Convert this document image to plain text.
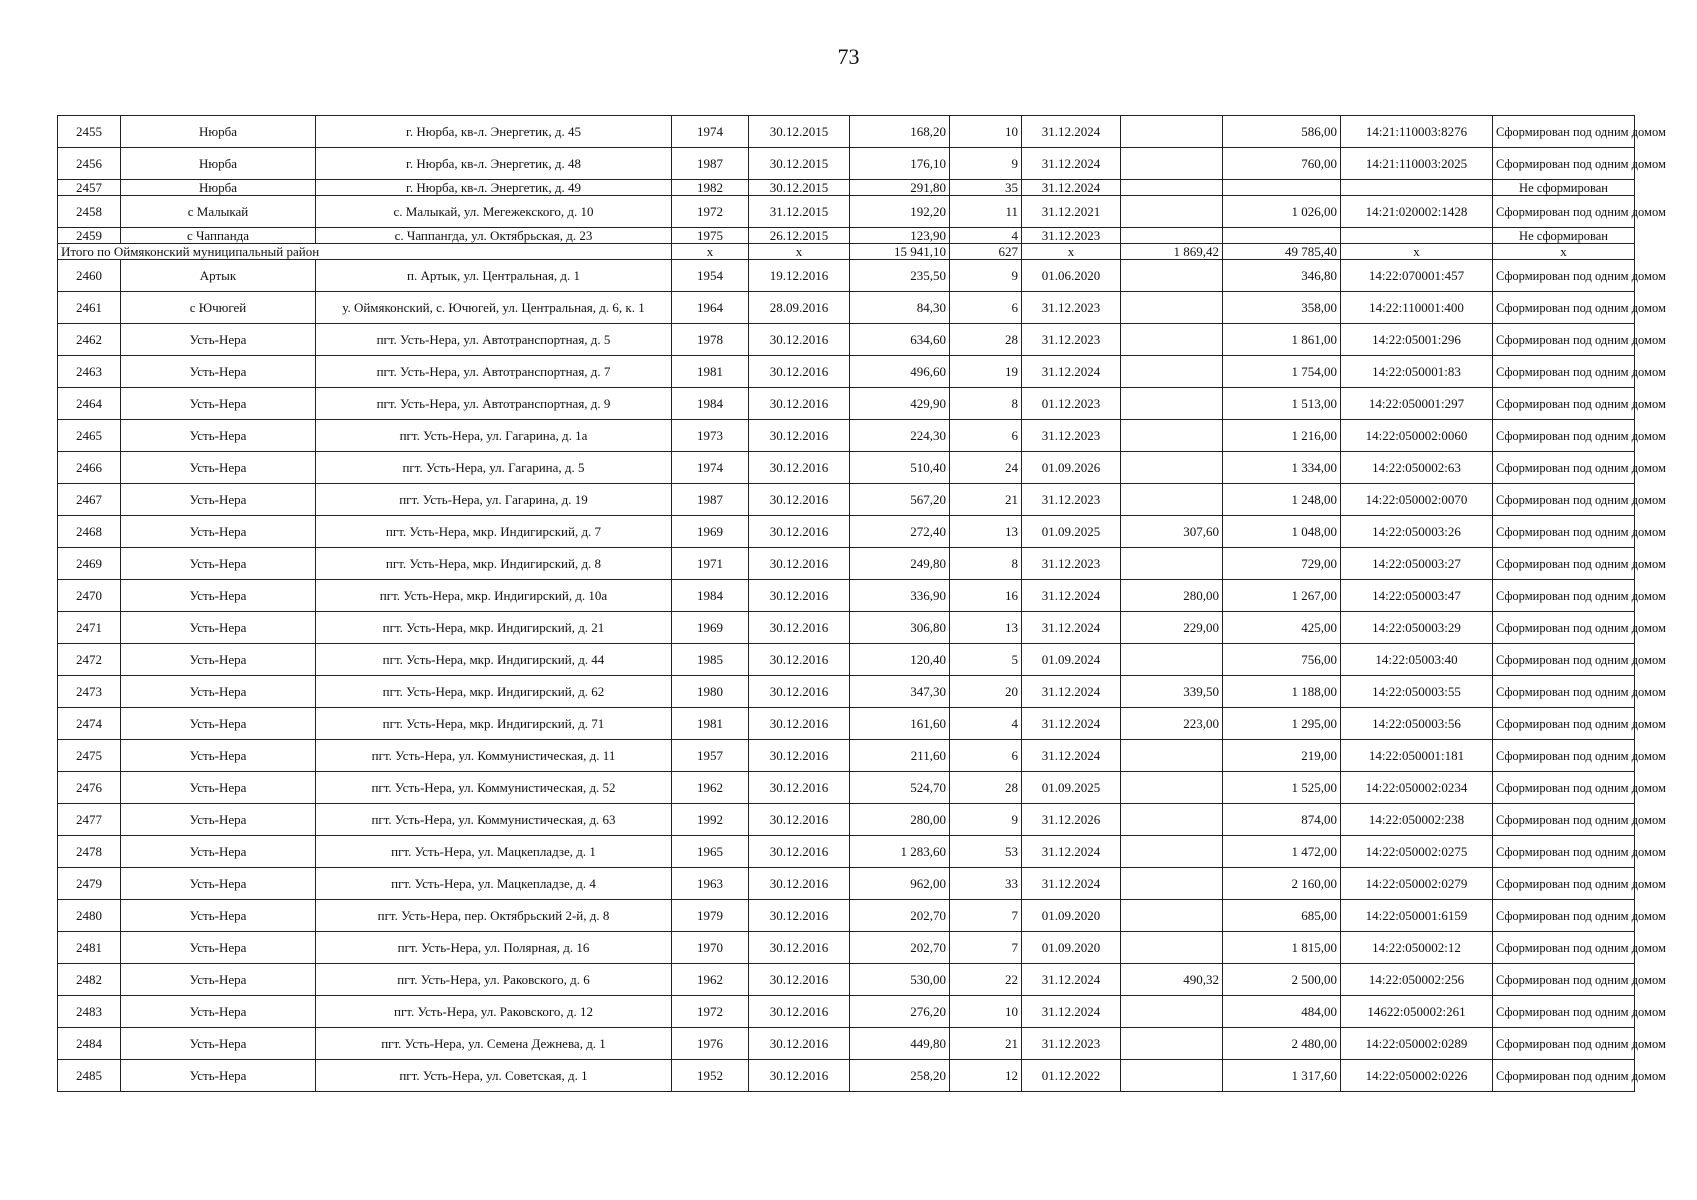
73
2455	Нюрба	г. Нюрба, кв-л. Энергетик, д. 45	1974	30.12.2015	168,20	10	31.12.2024		586,00	14:21:110003:8276	Сформирован под одним домом
2456	Нюрба	г. Нюрба, кв-л. Энергетик, д. 48	1987	30.12.2015	176,10	9	31.12.2024		760,00	14:21:110003:2025	Сформирован под одним домом
2457	Нюрба	г. Нюрба, кв-л. Энергетик, д. 49	1982	30.12.2015	291,80	35	31.12.2024				Не сформирован
2458	с Малыкай	с. Малыкай, ул. Мегежекского, д. 10	1972	31.12.2015	192,20	11	31.12.2021		1 026,00	14:21:020002:1428	Сформирован под одним домом
2459	с Чаппанда	с. Чаппангда, ул. Октябрьская, д. 23	1975	26.12.2015	123,90	4	31.12.2023				Не сформирован
Итого по Оймяконский муниципальный район			x	x	15 941,10	627	x	1 869,42	49 785,40	x	x
2460	Артык	п. Артык, ул. Центральная, д. 1	1954	19.12.2016	235,50	9	01.06.2020		346,80	14:22:070001:457	Сформирован под одним домом
2461	с Ючюгей	у. Оймяконский, с. Ючюгей, ул. Центральная, д. 6, к. 1	1964	28.09.2016	84,30	6	31.12.2023		358,00	14:22:110001:400	Сформирован под одним домом
2462	Усть-Нера	пгт. Усть-Нера, ул. Автотранспортная, д. 5	1978	30.12.2016	634,60	28	31.12.2023		1 861,00	14:22:05001:296	Сформирован под одним домом
2463	Усть-Нера	пгт. Усть-Нера, ул. Автотранспортная, д. 7	1981	30.12.2016	496,60	19	31.12.2024		1 754,00	14:22:050001:83	Сформирован под одним домом
2464	Усть-Нера	пгт. Усть-Нера, ул. Автотранспортная, д. 9	1984	30.12.2016	429,90	8	01.12.2023		1 513,00	14:22:050001:297	Сформирован под одним домом
2465	Усть-Нера	пгт. Усть-Нера, ул. Гагарина, д. 1а	1973	30.12.2016	224,30	6	31.12.2023		1 216,00	14:22:050002:0060	Сформирован под одним домом
2466	Усть-Нера	пгт. Усть-Нера, ул. Гагарина, д. 5	1974	30.12.2016	510,40	24	01.09.2026		1 334,00	14:22:050002:63	Сформирован под одним домом
2467	Усть-Нера	пгт. Усть-Нера, ул. Гагарина, д. 19	1987	30.12.2016	567,20	21	31.12.2023		1 248,00	14:22:050002:0070	Сформирован под одним домом
2468	Усть-Нера	пгт. Усть-Нера, мкр. Индигирский, д. 7	1969	30.12.2016	272,40	13	01.09.2025	307,60	1 048,00	14:22:050003:26	Сформирован под одним домом
2469	Усть-Нера	пгт. Усть-Нера, мкр. Индигирский, д. 8	1971	30.12.2016	249,80	8	31.12.2023		729,00	14:22:050003:27	Сформирован под одним домом
2470	Усть-Нера	пгт. Усть-Нера, мкр. Индигирский, д. 10а	1984	30.12.2016	336,90	16	31.12.2024	280,00	1 267,00	14:22:050003:47	Сформирован под одним домом
2471	Усть-Нера	пгт. Усть-Нера, мкр. Индигирский, д. 21	1969	30.12.2016	306,80	13	31.12.2024	229,00	425,00	14:22:050003:29	Сформирован под одним домом
2472	Усть-Нера	пгт. Усть-Нера, мкр. Индигирский, д. 44	1985	30.12.2016	120,40	5	01.09.2024		756,00	14:22:05003:40	Сформирован под одним домом
2473	Усть-Нера	пгт. Усть-Нера, мкр. Индигирский, д. 62	1980	30.12.2016	347,30	20	31.12.2024	339,50	1 188,00	14:22:050003:55	Сформирован под одним домом
2474	Усть-Нера	пгт. Усть-Нера, мкр. Индигирский, д. 71	1981	30.12.2016	161,60	4	31.12.2024	223,00	1 295,00	14:22:050003:56	Сформирован под одним домом
2475	Усть-Нера	пгт. Усть-Нера, ул. Коммунистическая, д. 11	1957	30.12.2016	211,60	6	31.12.2024		219,00	14:22:050001:181	Сформирован под одним домом
2476	Усть-Нера	пгт. Усть-Нера, ул. Коммунистическая, д. 52	1962	30.12.2016	524,70	28	01.09.2025		1 525,00	14:22:050002:0234	Сформирован под одним домом
2477	Усть-Нера	пгт. Усть-Нера, ул. Коммунистическая, д. 63	1992	30.12.2016	280,00	9	31.12.2026		874,00	14:22:050002:238	Сформирован под одним домом
2478	Усть-Нера	пгт. Усть-Нера, ул. Мацкепладзе, д. 1	1965	30.12.2016	1 283,60	53	31.12.2024		1 472,00	14:22:050002:0275	Сформирован под одним домом
2479	Усть-Нера	пгт. Усть-Нера, ул. Мацкепладзе, д. 4	1963	30.12.2016	962,00	33	31.12.2024		2 160,00	14:22:050002:0279	Сформирован под одним домом
2480	Усть-Нера	пгт. Усть-Нера, пер. Октябрьский 2-й, д. 8	1979	30.12.2016	202,70	7	01.09.2020		685,00	14:22:050001:6159	Сформирован под одним домом
2481	Усть-Нера	пгт. Усть-Нера, ул. Полярная, д. 16	1970	30.12.2016	202,70	7	01.09.2020		1 815,00	14:22:050002:12	Сформирован под одним домом
2482	Усть-Нера	пгт. Усть-Нера, ул. Раковского, д. 6	1962	30.12.2016	530,00	22	31.12.2024	490,32	2 500,00	14:22:050002:256	Сформирован под одним домом
2483	Усть-Нера	пгт. Усть-Нера, ул. Раковского, д. 12	1972	30.12.2016	276,20	10	31.12.2024		484,00	14622:050002:261	Сформирован под одним домом
2484	Усть-Нера	пгт. Усть-Нера, ул. Семена Дежнева, д. 1	1976	30.12.2016	449,80	21	31.12.2023		2 480,00	14:22:050002:0289	Сформирован под одним домом
2485	Усть-Нера	пгт. Усть-Нера, ул. Советская, д. 1	1952	30.12.2016	258,20	12	01.12.2022		1 317,60	14:22:050002:0226	Сформирован под одним домом
